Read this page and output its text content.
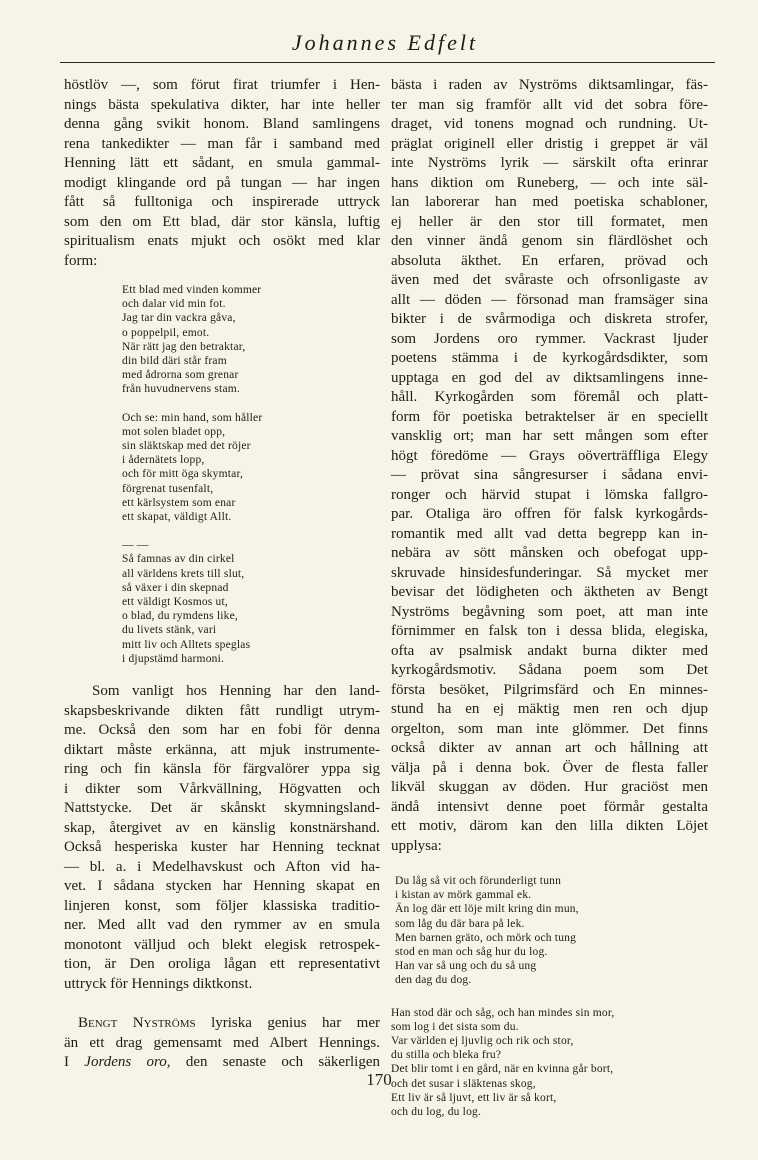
Johannes Edfelt

höstlöv —, som förut firat triumfer i Hen-
nings bästa spekulativa dikter, har inte heller
denna gång svikit honom. Bland samlingens
rena tankedikter — man får i samband med
Henning lätt ett sådant, en smula gammal-
modigt klingande ord på tungan — har ingen
fått så fulltoniga och inspirerade uttryck
som den om Ett blad, där stor känsla, luftig
spiritualism enats mjukt och osökt med klar
form:

Ett blad med vinden kommer
och dalar vid min fot.
Jag tar din vackra gåva,
o poppelpil, emot.
När rätt jag den betraktar,
din bild däri står fram
med ådrorna som grenar
från huvudnervens stam.
Och se: min hand, som håller
mot solen bladet opp,
sin släktskap med det röjer
i ådernätets lopp,
och för mitt öga skymtar,
förgrenat tusenfalt,
ett kärlsystem som enar
ett skapat, väldigt Allt.
— —
Så famnas av din cirkel
all världens krets till slut,
så växer i din skepnad
ett väldigt Kosmos ut,
o blad, du rymdens like,
du livets stänk, vari
mitt liv och Alltets speglas
i djupstämd harmoni.

Som vanligt hos Henning har den land-
skapsbeskrivande dikten fått rundligt utrym-
me. Också den som har en fobi för denna
diktart måste erkänna, att mjuk instrumente-
ring och fin känsla för färgvalörer yppa sig
i dikter som Vårkvällning, Högvatten och
Nattstycke. Det är skånskt skymningsland-
skap, återgivet av en känslig konstnärshand.
Också hesperiska kuster har Henning tecknat
— bl. a. i Medelhavskust och Afton vid ha-
vet. I sådana stycken har Henning skapat en
linjeren konst, som följer klassiska traditio-
ner. Med allt vad den rymmer av en smula
monotont välljud och blekt elegisk retrospek-
tion, är Den oroliga lågan ett representativt
uttryck för Hennings diktkonst.

Bengt Nyströms lyriska genius har mer
än ett drag gemensamt med Albert Hennings.
I Jordens oro, den senaste och säkerligen

bästa i raden av Nyströms diktsamlingar, fäs-
ter man sig framför allt vid det sobra före-
draget, vid tonens mognad och rundning. Ut-
präglat originell eller dristig i greppet är väl
inte Nyströms lyrik — särskilt ofta erinrar
hans diktion om Runeberg, — och inte säl-
lan laborerar han med poetiska schabloner,
ej heller är den stor till formatet, men
den vinner ändå genom sin flärdlöshet och
absoluta äkthet. En erfaren, prövad och
även med det svåraste och ofrsonligaste av
allt — döden — försonad man framsäger sina
bikter i de svårmodiga och diskreta strofer,
som Jordens oro rymmer. Vackrast ljuder
poetens stämma i de kyrkogårdsdikter, som
upptaga en god del av diktsamlingens inne-
håll. Kyrkogården som föremål och platt-
form för poetiska betraktelser är en speciellt
vansklig ort; man har sett mången som efter
högt föredöme — Grays oöverträffliga Elegy
— prövat sina sångresurser i sådana envi-
ronger och härvid stupat i lömska fallgro-
par. Otaliga äro offren för falsk kyrkogårds-
romantik med allt vad detta begrepp kan in-
nebära av sött månsken och obefogat upp-
skruvade hinsidesfunderingar. Så mycket mer
bevisar det lödigheten och äktheten av Bengt
Nyströms begåvning som poet, att man inte
förnimmer en falsk ton i dessa blida, elegiska,
ofta av psalmisk andakt burna dikter med
kyrkogårdsmotiv. Sådana poem som Det
första besöket, Pilgrimsfärd och En minnes-
stund ha en ej mäktig men ren och djup
orgelton, som man inte glömmer. Det finns
också dikter av annan art och hållning att
välja på i denna bok. Över de flesta faller
likväl skuggan av döden. Hur graciöst men
ändå intensivt denne poet förmår gestalta
ett motiv, därom kan den lilla dikten Löjet
upplysa:

Du låg så vit och förunderligt tunn
i kistan av mörk gammal ek.
Än log där ett löje milt kring din mun,
som låg du där bara på lek.
Men barnen gräto, och mörk och tung
stod en man och såg hur du log.
Han var så ung och du så ung
den dag du dog.
Han stod där och såg, och han mindes sin mor,
som log i det sista som du.
Var världen ej ljuvlig och rik och stor,
du stilla och bleka fru?
Det blir tomt i en gård, när en kvinna går bort,
och det susar i släktenas skog,
Ett liv är så ljuvt, ett liv är så kort,
och du log, du log.
170
